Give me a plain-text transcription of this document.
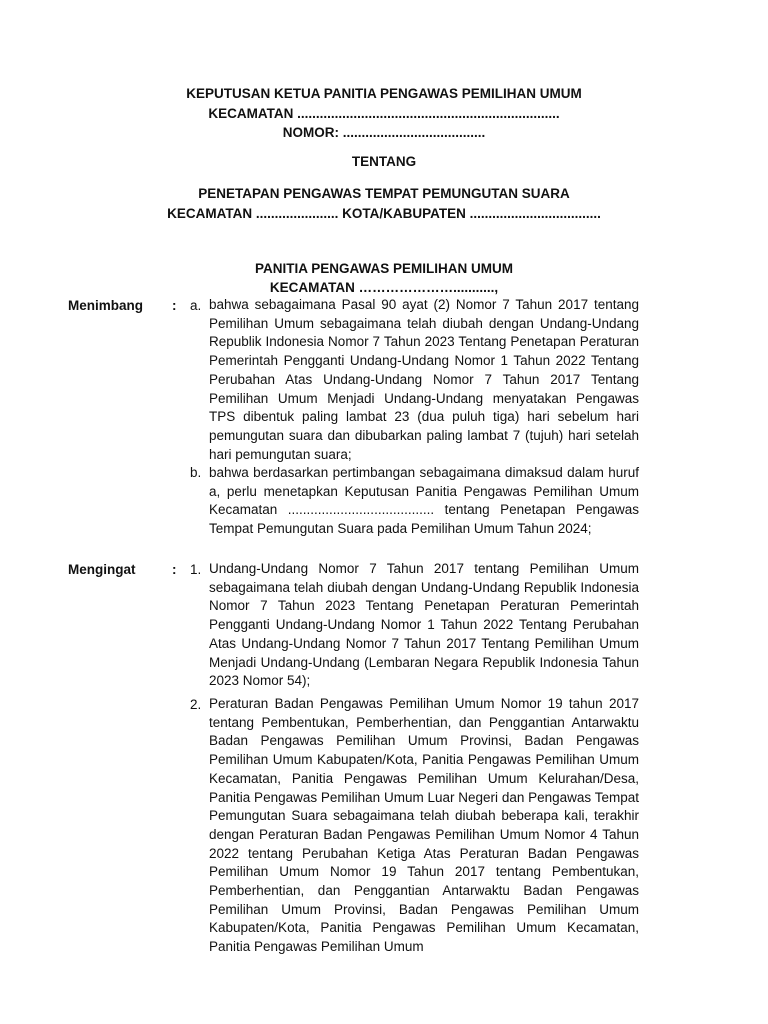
KEPUTUSAN KETUA PANITIA PENGAWAS PEMILIHAN UMUM
KECAMATAN ......................................................................
NOMOR: ......................................
TENTANG
PENETAPAN PENGAWAS TEMPAT PEMUNGUTAN SUARA
KECAMATAN ...................... KOTA/KABUPATEN ...................................
PANITIA PENGAWAS PEMILIHAN UMUM
KECAMATAN …………………...........,
Menimbang : a. bahwa sebagaimana Pasal 90 ayat (2) Nomor 7 Tahun 2017 tentang Pemilihan Umum sebagaimana telah diubah dengan Undang-Undang Republik Indonesia Nomor 7 Tahun 2023 Tentang Penetapan Peraturan Pemerintah Pengganti Undang-Undang Nomor 1 Tahun 2022 Tentang Perubahan Atas Undang-Undang Nomor 7 Tahun 2017 Tentang Pemilihan Umum Menjadi Undang-Undang menyatakan Pengawas TPS dibentuk paling lambat 23 (dua puluh tiga) hari sebelum hari pemungutan suara dan dibubarkan paling lambat 7 (tujuh) hari setelah hari pemungutan suara;
b. bahwa berdasarkan pertimbangan sebagaimana dimaksud dalam huruf a, perlu menetapkan Keputusan Panitia Pengawas Pemilihan Umum Kecamatan ....................................... tentang Penetapan Pengawas Tempat Pemungutan Suara pada Pemilihan Umum Tahun 2024;
Mengingat	: 1. Undang-Undang Nomor 7 Tahun 2017 tentang Pemilihan Umum sebagaimana telah diubah dengan Undang-Undang Republik Indonesia Nomor 7 Tahun 2023 Tentang Penetapan Peraturan Pemerintah Pengganti Undang-Undang Nomor 1 Tahun 2022 Tentang Perubahan Atas Undang-Undang Nomor 7 Tahun 2017 Tentang Pemilihan Umum Menjadi Undang-Undang (Lembaran Negara Republik Indonesia Tahun 2023 Nomor 54);
2. Peraturan Badan Pengawas Pemilihan Umum Nomor 19 tahun 2017 tentang Pembentukan, Pemberhentian, dan Penggantian Antarwaktu Badan Pengawas Pemilihan Umum Provinsi, Badan Pengawas Pemilihan Umum Kabupaten/Kota, Panitia Pengawas Pemilihan Umum Kecamatan, Panitia Pengawas Pemilihan Umum Kelurahan/Desa, Panitia Pengawas Pemilihan Umum Luar Negeri dan Pengawas Tempat Pemungutan Suara sebagaimana telah diubah beberapa kali, terakhir dengan Peraturan Badan Pengawas Pemilihan Umum Nomor 4 Tahun 2022 tentang Perubahan Ketiga Atas Peraturan Badan Pengawas Pemilihan Umum Nomor 19 Tahun 2017 tentang Pembentukan, Pemberhentian, dan Penggantian Antarwaktu Badan Pengawas Pemilihan Umum Provinsi, Badan Pengawas Pemilihan Umum Kabupaten/Kota, Panitia Pengawas Pemilihan Umum Kecamatan, Panitia Pengawas Pemilihan Umum
